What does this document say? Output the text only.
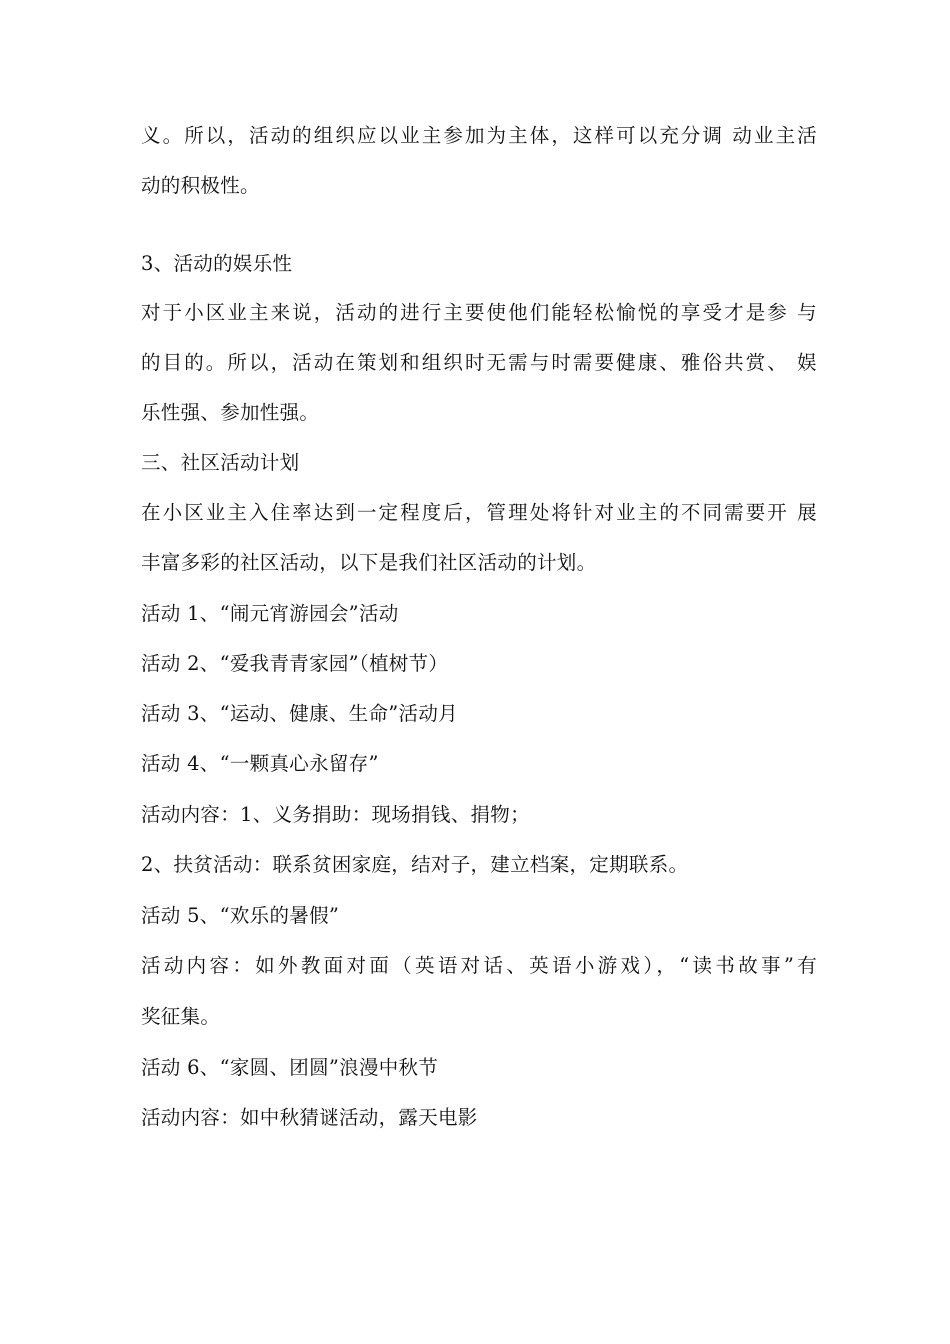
义。所以，活动的组织应以业主参加为主体，这样可以充分调 动业主活
动的积极性。
3、活动的娱乐性
对于小区业主来说，活动的进行主要使他们能轻松愉悦的享受才是参 与
的目的。所以，活动在策划和组织时无需与时需要健康、雅俗共赏、 娱
乐性强、参加性强。
三、社区活动计划
在小区业主入住率达到一定程度后，管理处将针对业主的不同需要开 展
丰富多彩的社区活动，以下是我们社区活动的计划。
活动 1、“闹元宵游园会”活动
活动 2、“爱我青青家园”（植树节）
活动 3、“运动、健康、生命”活动月
活动 4、“一颗真心永留存”
活动内容：1、义务捐助：现场捐钱、捐物；
2、扶贫活动：联系贫困家庭，结对子，建立档案，定期联系。
活动 5、“欢乐的暑假”
活动内容：如外教面对面（英语对话、英语小游戏），“读书故事”有
奖征集。
活动 6、“家圆、团圆”浪漫中秋节
活动内容：如中秋猜谜活动，露天电影
